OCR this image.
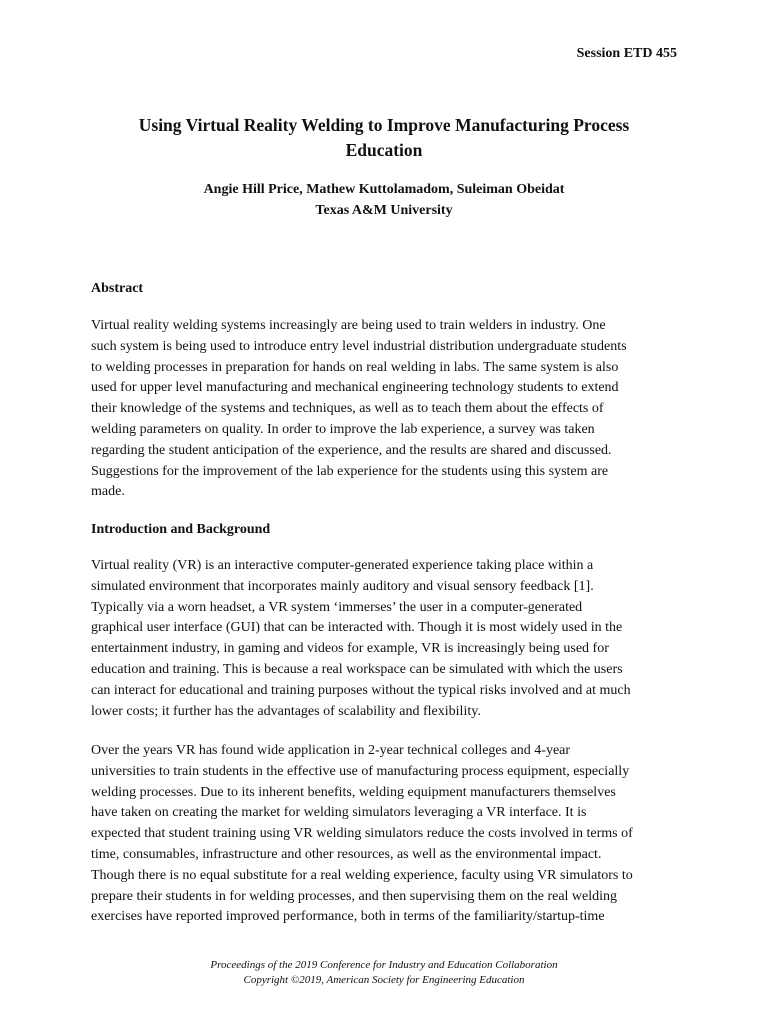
Session ETD 455
Using Virtual Reality Welding to Improve Manufacturing Process
Education
Angie Hill Price, Mathew Kuttolamadom, Suleiman Obeidat
Texas A&M University
Abstract
Virtual reality welding systems increasingly are being used to train welders in industry. One
such system is being used to introduce entry level industrial distribution undergraduate students
to welding processes in preparation for hands on real welding in labs. The same system is also
used for upper level manufacturing and mechanical engineering technology students to extend
their knowledge of the systems and techniques, as well as to teach them about the effects of
welding parameters on quality. In order to improve the lab experience, a survey was taken
regarding the student anticipation of the experience, and the results are shared and discussed.
Suggestions for the improvement of the lab experience for the students using this system are
made.
Introduction and Background
Virtual reality (VR) is an interactive computer-generated experience taking place within a
simulated environment that incorporates mainly auditory and visual sensory feedback [1].
Typically via a worn headset, a VR system ‘immerses’ the user in a computer-generated
graphical user interface (GUI) that can be interacted with. Though it is most widely used in the
entertainment industry, in gaming and videos for example, VR is increasingly being used for
education and training. This is because a real workspace can be simulated with which the users
can interact for educational and training purposes without the typical risks involved and at much
lower costs; it further has the advantages of scalability and flexibility.
Over the years VR has found wide application in 2-year technical colleges and 4-year
universities to train students in the effective use of manufacturing process equipment, especially
welding processes. Due to its inherent benefits, welding equipment manufacturers themselves
have taken on creating the market for welding simulators leveraging a VR interface. It is
expected that student training using VR welding simulators reduce the costs involved in terms of
time, consumables, infrastructure and other resources, as well as the environmental impact.
Though there is no equal substitute for a real welding experience, faculty using VR simulators to
prepare their students in for welding processes, and then supervising them on the real welding
exercises have reported improved performance, both in terms of the familiarity/startup-time
Proceedings of the 2019 Conference for Industry and Education Collaboration
Copyright ©2019, American Society for Engineering Education
